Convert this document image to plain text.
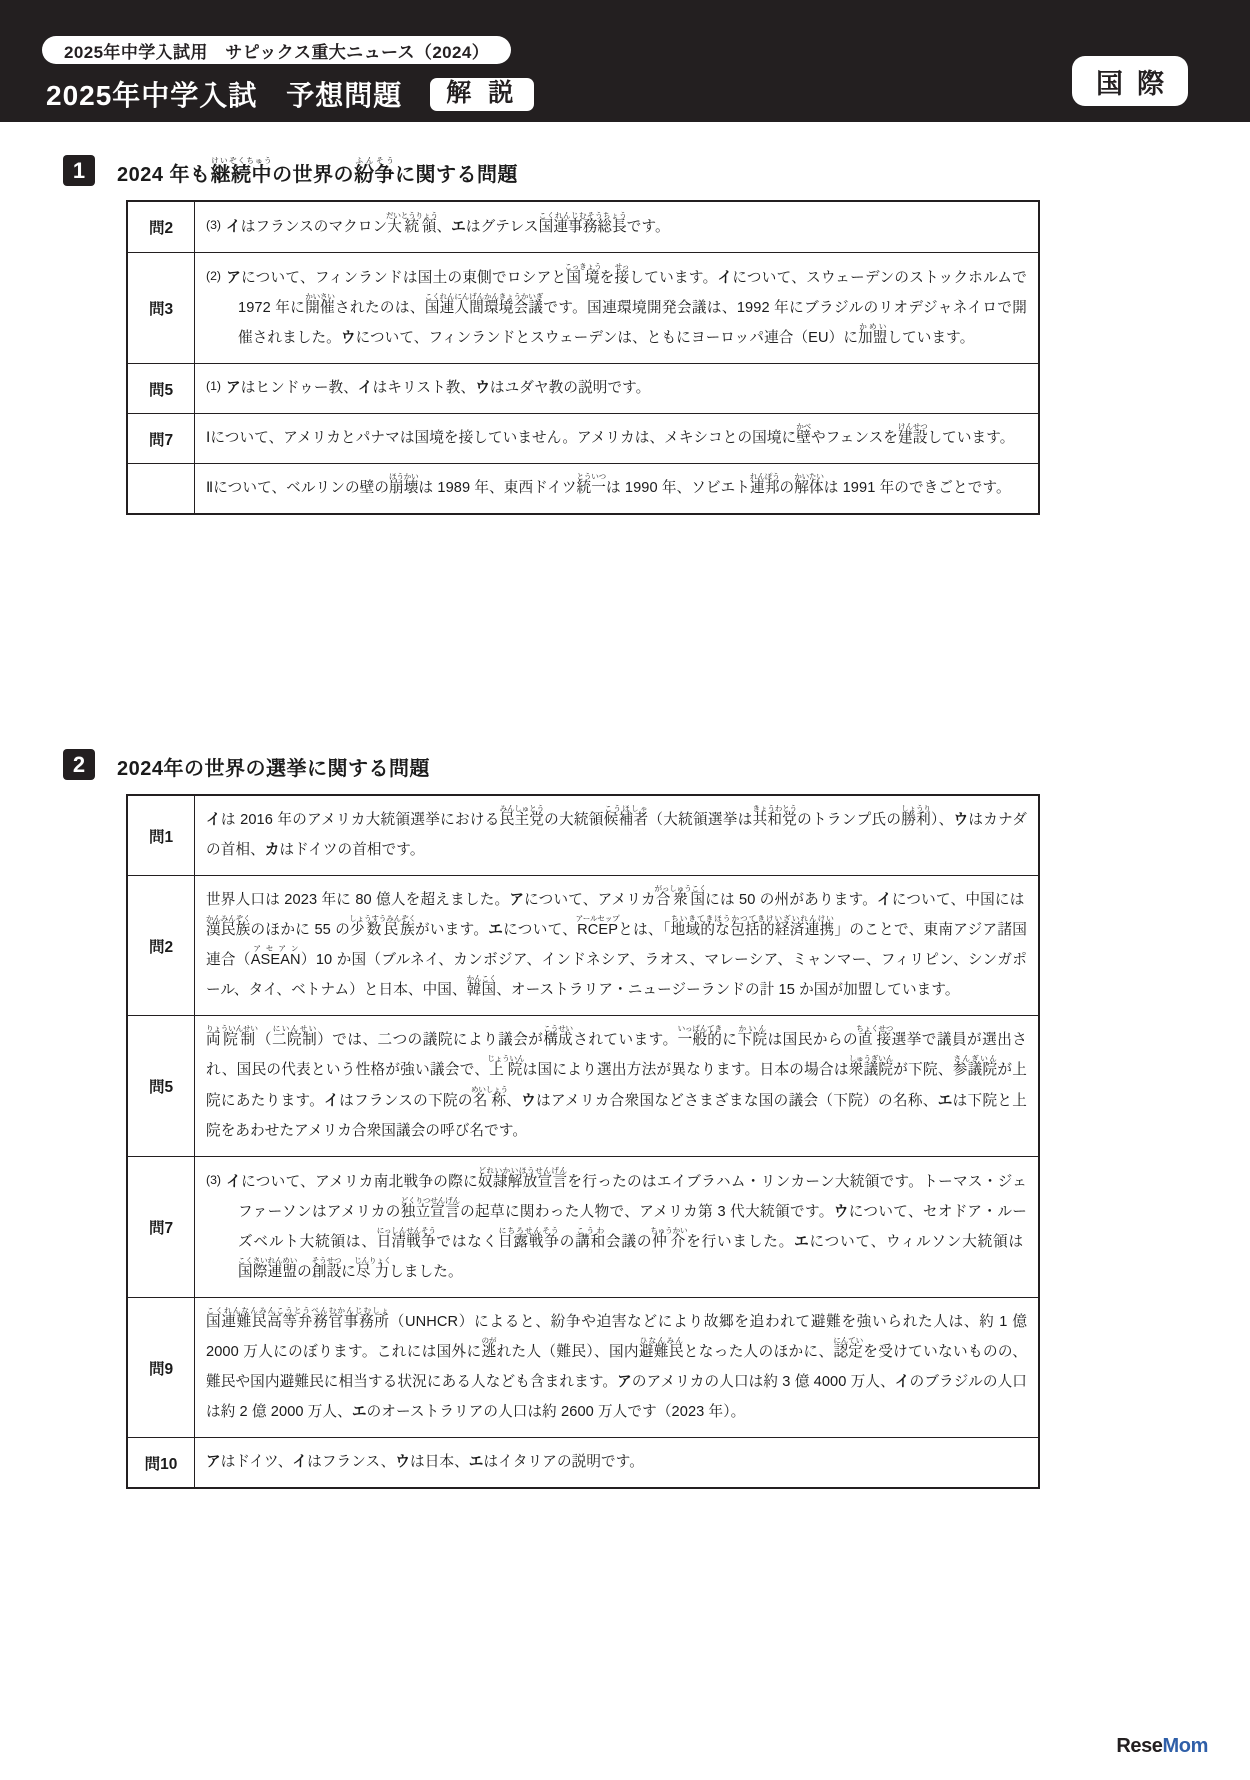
2025年中学入試用　サピックス重大ニュース（2024）
2025年中学入試　予想問題	解 説	国際
1	2024 年も継続中けいぞくちゅうの世界の紛争ふんそうに関する問題
問2	(3) イはフランスのマクロン大統領だいとうりょう、エはグテレス国連事務総長こくれんじむそうちょうです。

問3	(2) アについて、フィンランドは国土の東側でロシアと国境こっきょうを接せっしています。イについて、スウェーデンのストックホルムで 1972 年に開催かいさいされたのは、国連人間環境会議こくれんにんげんかんきょうかいぎです。国連環境開発会議は、1992 年にブラジルのリオデジャネイロで開催されました。ウについて、フィンランドとスウェーデンは、ともにヨーロッパ連合（EU）に加盟かめいしています。

問5	(1) アはヒンドゥー教、イはキリスト教、ウはユダヤ教の説明です。

問7	Ⅰについて、アメリカとパナマは国境を接していません。アメリカは、メキシコとの国境に壁かべやフェンスを建けん設せつしています。
	Ⅱについて、ベルリンの壁の崩壊ほうかいは 1989 年、東西ドイツ統一とういつは 1990 年、ソビエト連邦れんぽうの解体かいたいは 1991 年のできごとです。
2	2024年の世界の選挙に関する問題
問1	イは 2016 年のアメリカ大統領選挙における民主党みんしゅとうの大統領候補者こうほしゃ（大統領選挙は共和党きょうわとうのトランプ氏の勝利しょうり）、ウはカナダの首相、カはドイツの首相です。
問2	世界人口は 2023 年に 80 億人を超えました。アについて、アメリカ合衆国がっしゅうこくには 50 の州があります。イについて、中国には漢民族かんみんぞくのほかに 55 の少数民族しょうすうみんぞくがいます。エについて、RCEPアールセップとは、「地域的な包括的経済連携ちいきてきほうかつてきけいざいれんけい」のことで、東南アジア諸国連合（ASEANアセアン）10 か国（ブルネイ、カンボジア、インドネシア、ラオス、マレーシア、ミャンマー、フィリピン、シンガポール、タイ、ベトナム）と日本、中国、韓国かんこく、オーストラリア・ニュージーランドの計 15 か国が加盟しています。
問5	両院制りょういんせい（二院制にいんせい）では、二つの議院により議会が構成こうせいされています。一般的いっぱんてきに下院かいんは国民からの直接ちょくせつ選挙で議員が選出され、国民の代表という性格が強い議会で、上院じょういんは国により選出方法が異なります。日本の場合は衆議院しゅうぎいんが下院、参議院さんぎいんが上院にあたります。イはフランスの下院の名称めいしょう、ウはアメリカ合衆国などさまざまな国の議会（下院）の名称、エは下院と上院をあわせたアメリカ合衆国議会の呼び名です。
問7	(3) イについて、アメリカ南北戦争の際に奴隷解放宣言どれいかいほうせんげんを行ったのはエイブラハム・リンカーン大統領です。トーマス・ジェファーソンはアメリカの独立宣言どくりつせんげんの起草に関わった人物で、アメリカ第 3 代大統領です。ウについて、セオドア・ルーズベルト大統領は、日清戦争にっしんせんそうではなく日露戦争にちろせんそうの講和こうわ会議の仲介ちゅうかいを行いました。エについて、ウィルソン大統領は国際連盟こくさいれんめいの創設そうせつに尽力じんりょくしました。

問9	国連難民高等弁務官事務所こくれんなんみんこうとうべんむかんじむしょ（UNHCR）によると、紛争や迫害などにより故郷を追われて避難を強いられた人は、約 1 億 2000 万人にのぼります。これには国外に逃のがれた人（難民）、国内避難民ひなんみんとなった人のほかに、認にん定ていを受けていないものの、難民や国内避難民に相当する状況にある人なども含まれます。アのアメリカの人口は約 3 億 4000 万人、イのブラジルの人口は約 2 億 2000 万人、エのオーストラリアの人口は約 2600 万人です（2023 年）。
問10	アはドイツ、イはフランス、ウは日本、エはイタリアの説明です。
ReseMom
